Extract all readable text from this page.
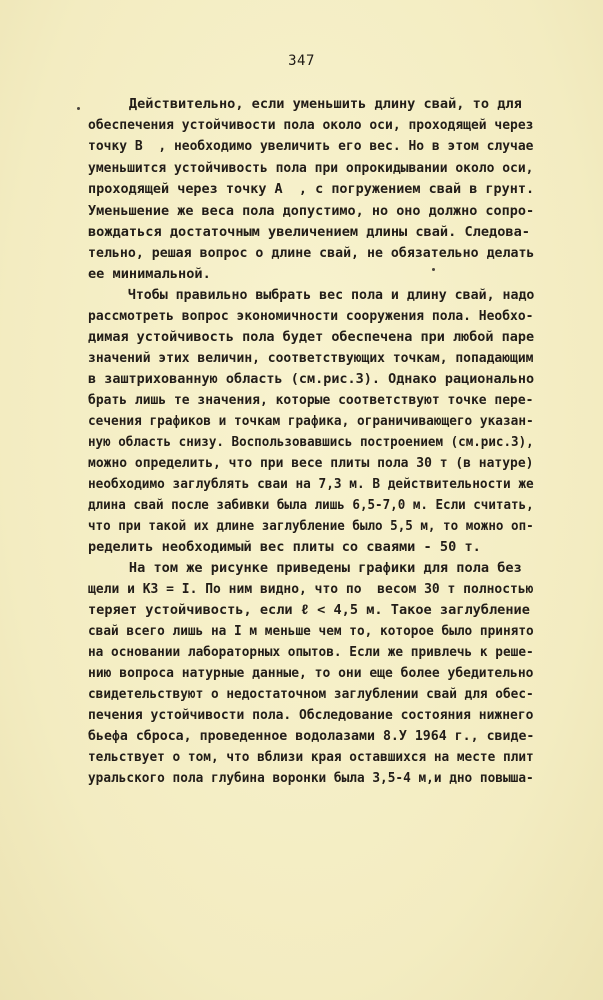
347
Действительно, если уменьшить длину свай, то для
обеспечения устойчивости пола около оси, проходящей через
точку B  , необходимо увеличить его вес. Но в этом случае
уменьшится устойчивость пола при опрокидывании около оси,
проходящей через точку A  , с погружением свай в грунт.
Уменьшение же веса пола допустимо, но оно должно сопро-
вождаться достаточным увеличением длины свай. Следова-
тельно, решая вопрос о длине свай, не обязательно делать
ее минимальной.
Чтобы правильно выбрать вес пола и длину свай, надо
рассмотреть вопрос экономичности сооружения пола. Необхо-
димая устойчивость пола будет обеспечена при любой паре
значений этих величин, соответствующих точкам, попадающим
в заштрихованную область (см.рис.3). Однако рационально
брать лишь те значения, которые соответствуют точке пере-
сечения графиков и точкам графика, ограничивающего указан-
ную область снизу. Воспользовавшись построением (см.рис.3),
можно определить, что при весе плиты пола 30 т (в натуре)
необходимо заглублять сваи на 7,3 м. В действительности же
длина свай после забивки была лишь 6,5-7,0 м. Если считать,
что при такой их длине заглубление было 5,5 м, то можно оп-
ределить необходимый вес плиты со сваями - 50 т.
На том же рисунке приведены графики для пола без
щели и K3 = I. По ним видно, что по  весом 30 т полностью
теряет устойчивость, если ℓ < 4,5 м. Такое заглубление
свай всего лишь на I м меньше чем то, которое было принято
на основании лабораторных опытов. Если же привлечь к реше-
нию вопроса натурные данные, то они еще более убедительно
свидетельствуют о недостаточном заглублении свай для обес-
печения устойчивости пола. Обследование состояния нижнего
бьефа сброса, проведенное водолазами 8.У 1964 г., свиде-
тельствует о том, что вблизи края оставшихся на месте плит
уральского пола глубина воронки была 3,5-4 м,и дно повыша-
